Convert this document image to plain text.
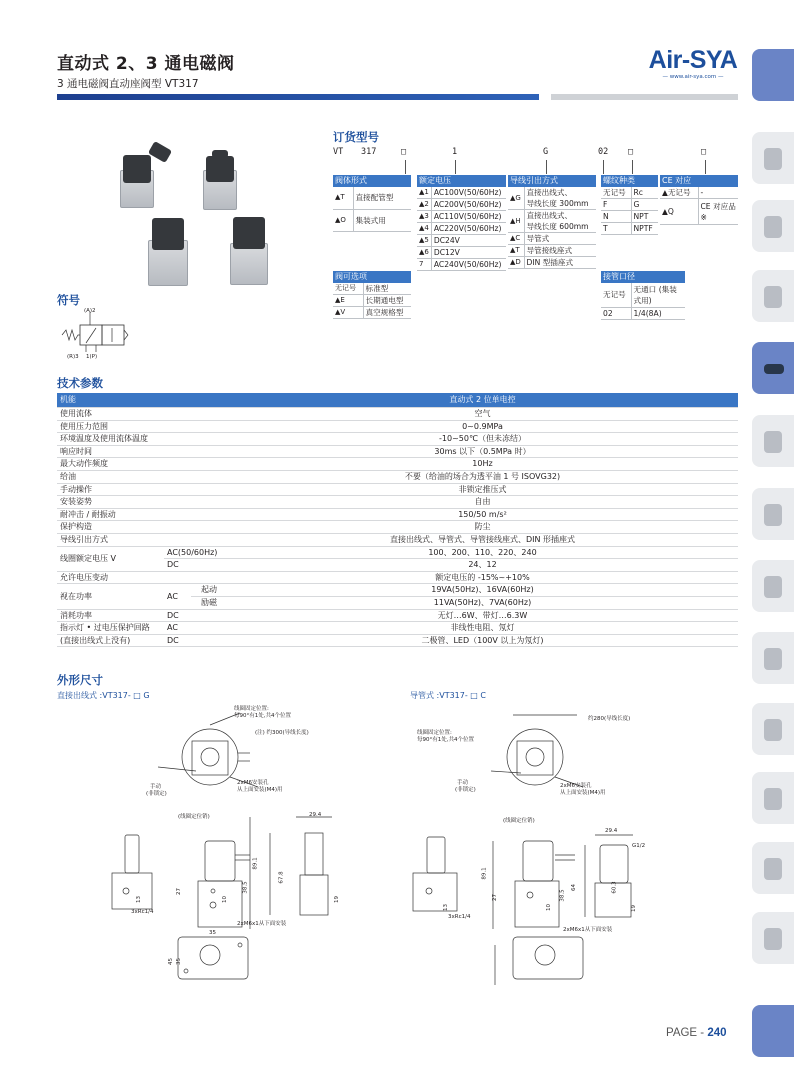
直动式 2、3 通电磁阀
3 通电磁阀直动座阀型 VT317
Air-SYA
— www.air-sya.com —
订货型号
VT 317	□	1	G	02 □	□
阀体形式
▲T	直接配管型
▲O	集装式用
阀可选项
无记号	标准型
▲E	长期通电型
▲V	真空规格型
额定电压
▲1	AC100V(50/60Hz)
▲2	AC200V(50/60Hz)
▲3	AC110V(50/60Hz)
▲4	AC220V(50/60Hz)
▲5	DC24V
▲6	DC12V
7	AC240V(50/60Hz)
导线引出方式
▲G	直接出线式、
导线长度 300mm

▲H	直接出线式、
导线长度 600mm

▲C	导管式
▲T	导管接线座式
▲D	DIN 型插座式
螺纹种类
无记号	Rc
F	G
N	NPT
T	NPTF
CE 对应
▲无记号	-
▲Q	CE 对应品 ※
接管口径
无记号	无通口 (集装式用)
02	1/4(8A)
符号
(A)2
(R)3 1(P)
技术参数
机能			直动式 2 位单电控
使用流体			空气
使用压力范围			0~0.9MPa
环境温度及使用流体温度			-10~50℃（但未冻结）
响应时间			30ms 以下（0.5MPa 时）
最大动作频度			10Hz
给油			不要（给油的场合为透平油 1 号 ISOVG32)
手动操作			非锁定推压式
安装姿势			自由
耐冲击 / 耐振动			150/50 m/s²
保护构造			防尘
导线引出方式			直接出线式、导管式、导管接线座式、DIN 形插座式
线圈额定电压 V	AC(50/60Hz)		100、200、110、220、240
	DC		24、12
允许电压变动			额定电压的 -15%~+10%
视在功率	AC	起动	19VA(50Hz)、16VA(60Hz)
		励磁	11VA(50Hz)、7VA(60Hz)
消耗功率	DC		无灯…6W、带灯…6.3W
指示灯 • 过电压保护回路	AC		非线性电阻、氖灯
(直接出线式上没有)	DC		二极管、LED（100V 以上为氖灯)
外形尺寸
直接出线式 :VT317- □ G	导管式 :VT317- □ C
线圈固定位置:
每90°有1处,共4个位置
(注) 约300(导线长度)
手动
(非锁定)
2xM6安装孔
从上面安装(M4)用
(线圈定位销)
2xM6x1从下面安装
3xRc1/4
29.4
89.1
67.8
38.5
27
10
13	19
35
45 35
线圈固定位置:
每90°有1处,共4个位置
约280(导线长度)
手动
(非锁定)
2xM6安装孔
从上面安装(M4)用
(线圈定位销)
2xM6x1从下面安装
3xRc1/4
G1/2
29.4
89.1
64	60.3
38.5
27
10
13	19
PAGE - 240
